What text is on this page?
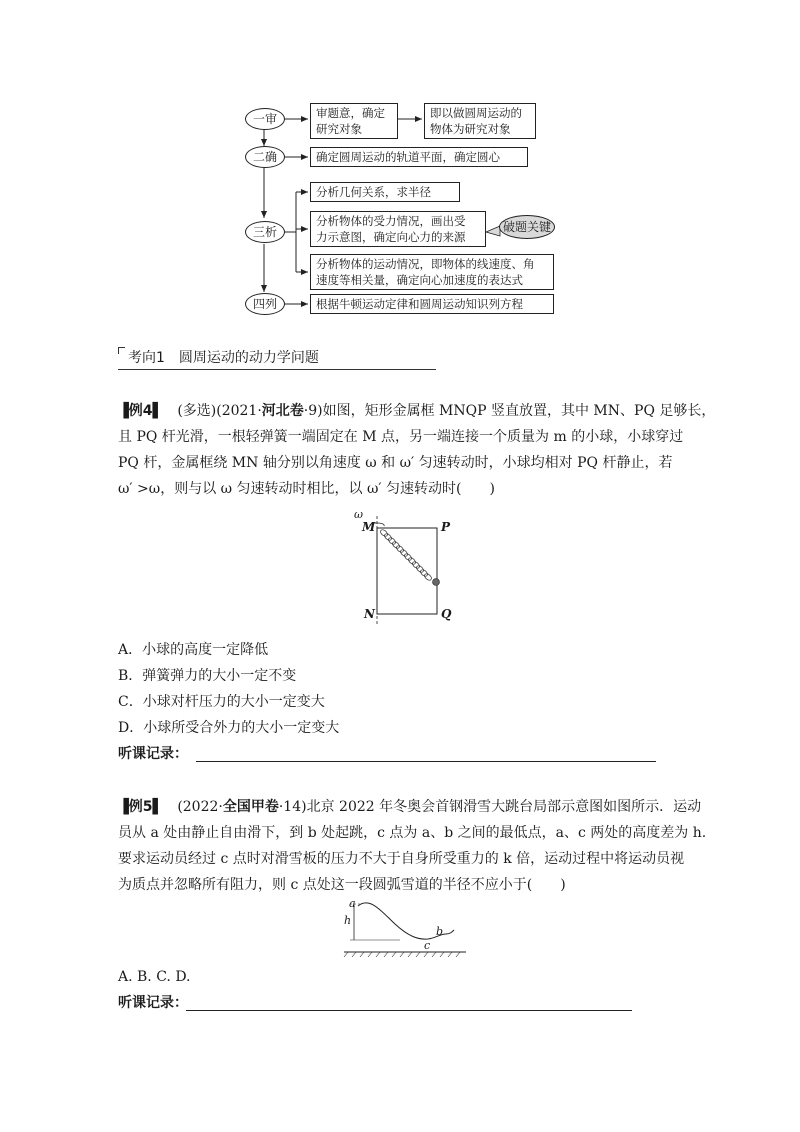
一审	审题意，确定
研究对象
即以做圆周运动的
物体为研究对象
二确	确定圆周运动的轨道平面，确定圆心
三析
分析几何关系，求半径
分析物体的受力情况，画出受
力示意图，确定向心力的来源
破题关键
分析物体的运动情况，即物体的线速度、角
速度等相关量，确定向心加速度的表达式
四列	根据牛顿运动定律和圆周运动知识列方程
考向1　圆周运动的动力学问题
▐例4▌　 (多选)(2021·河北卷·9)如图，矩形金属框 MNQP 竖直放置，其中 MN、PQ 足够长，
且 PQ 杆光滑，一根轻弹簧一端固定在 M 点，另一端连接一个质量为 m 的小球，小球穿过
PQ 杆，金属框绕 MN 轴分别以角速度 ω 和 ω′ 匀速转动时，小球均相对 PQ 杆静止，若
ω′ >ω，则与以 ω 匀速转动时相比，以 ω′ 匀速转动时(　　)
ω
M	P
N	Q
A．小球的高度一定降低
B．弹簧弹力的大小一定不变
C．小球对杆压力的大小一定变大
D．小球所受合外力的大小一定变大
听课记录：
▐例5▌　 (2022·全国甲卷·14)北京 2022 年冬奥会首钢滑雪大跳台局部示意图如图所示．运动
员从 a 处由静止自由滑下，到 b 处起跳，c 点为 a、b 之间的最低点，a、c 两处的高度差为 h.
要求运动员经过 c 点时对滑雪板的压力不大于自身所受重力的 k 倍，运动过程中将运动员视
为质点并忽略所有阻力，则 c 点处这一段圆弧雪道的半径不应小于(　　)
a
h
b
c
A. B. C. D.
听课记录：
